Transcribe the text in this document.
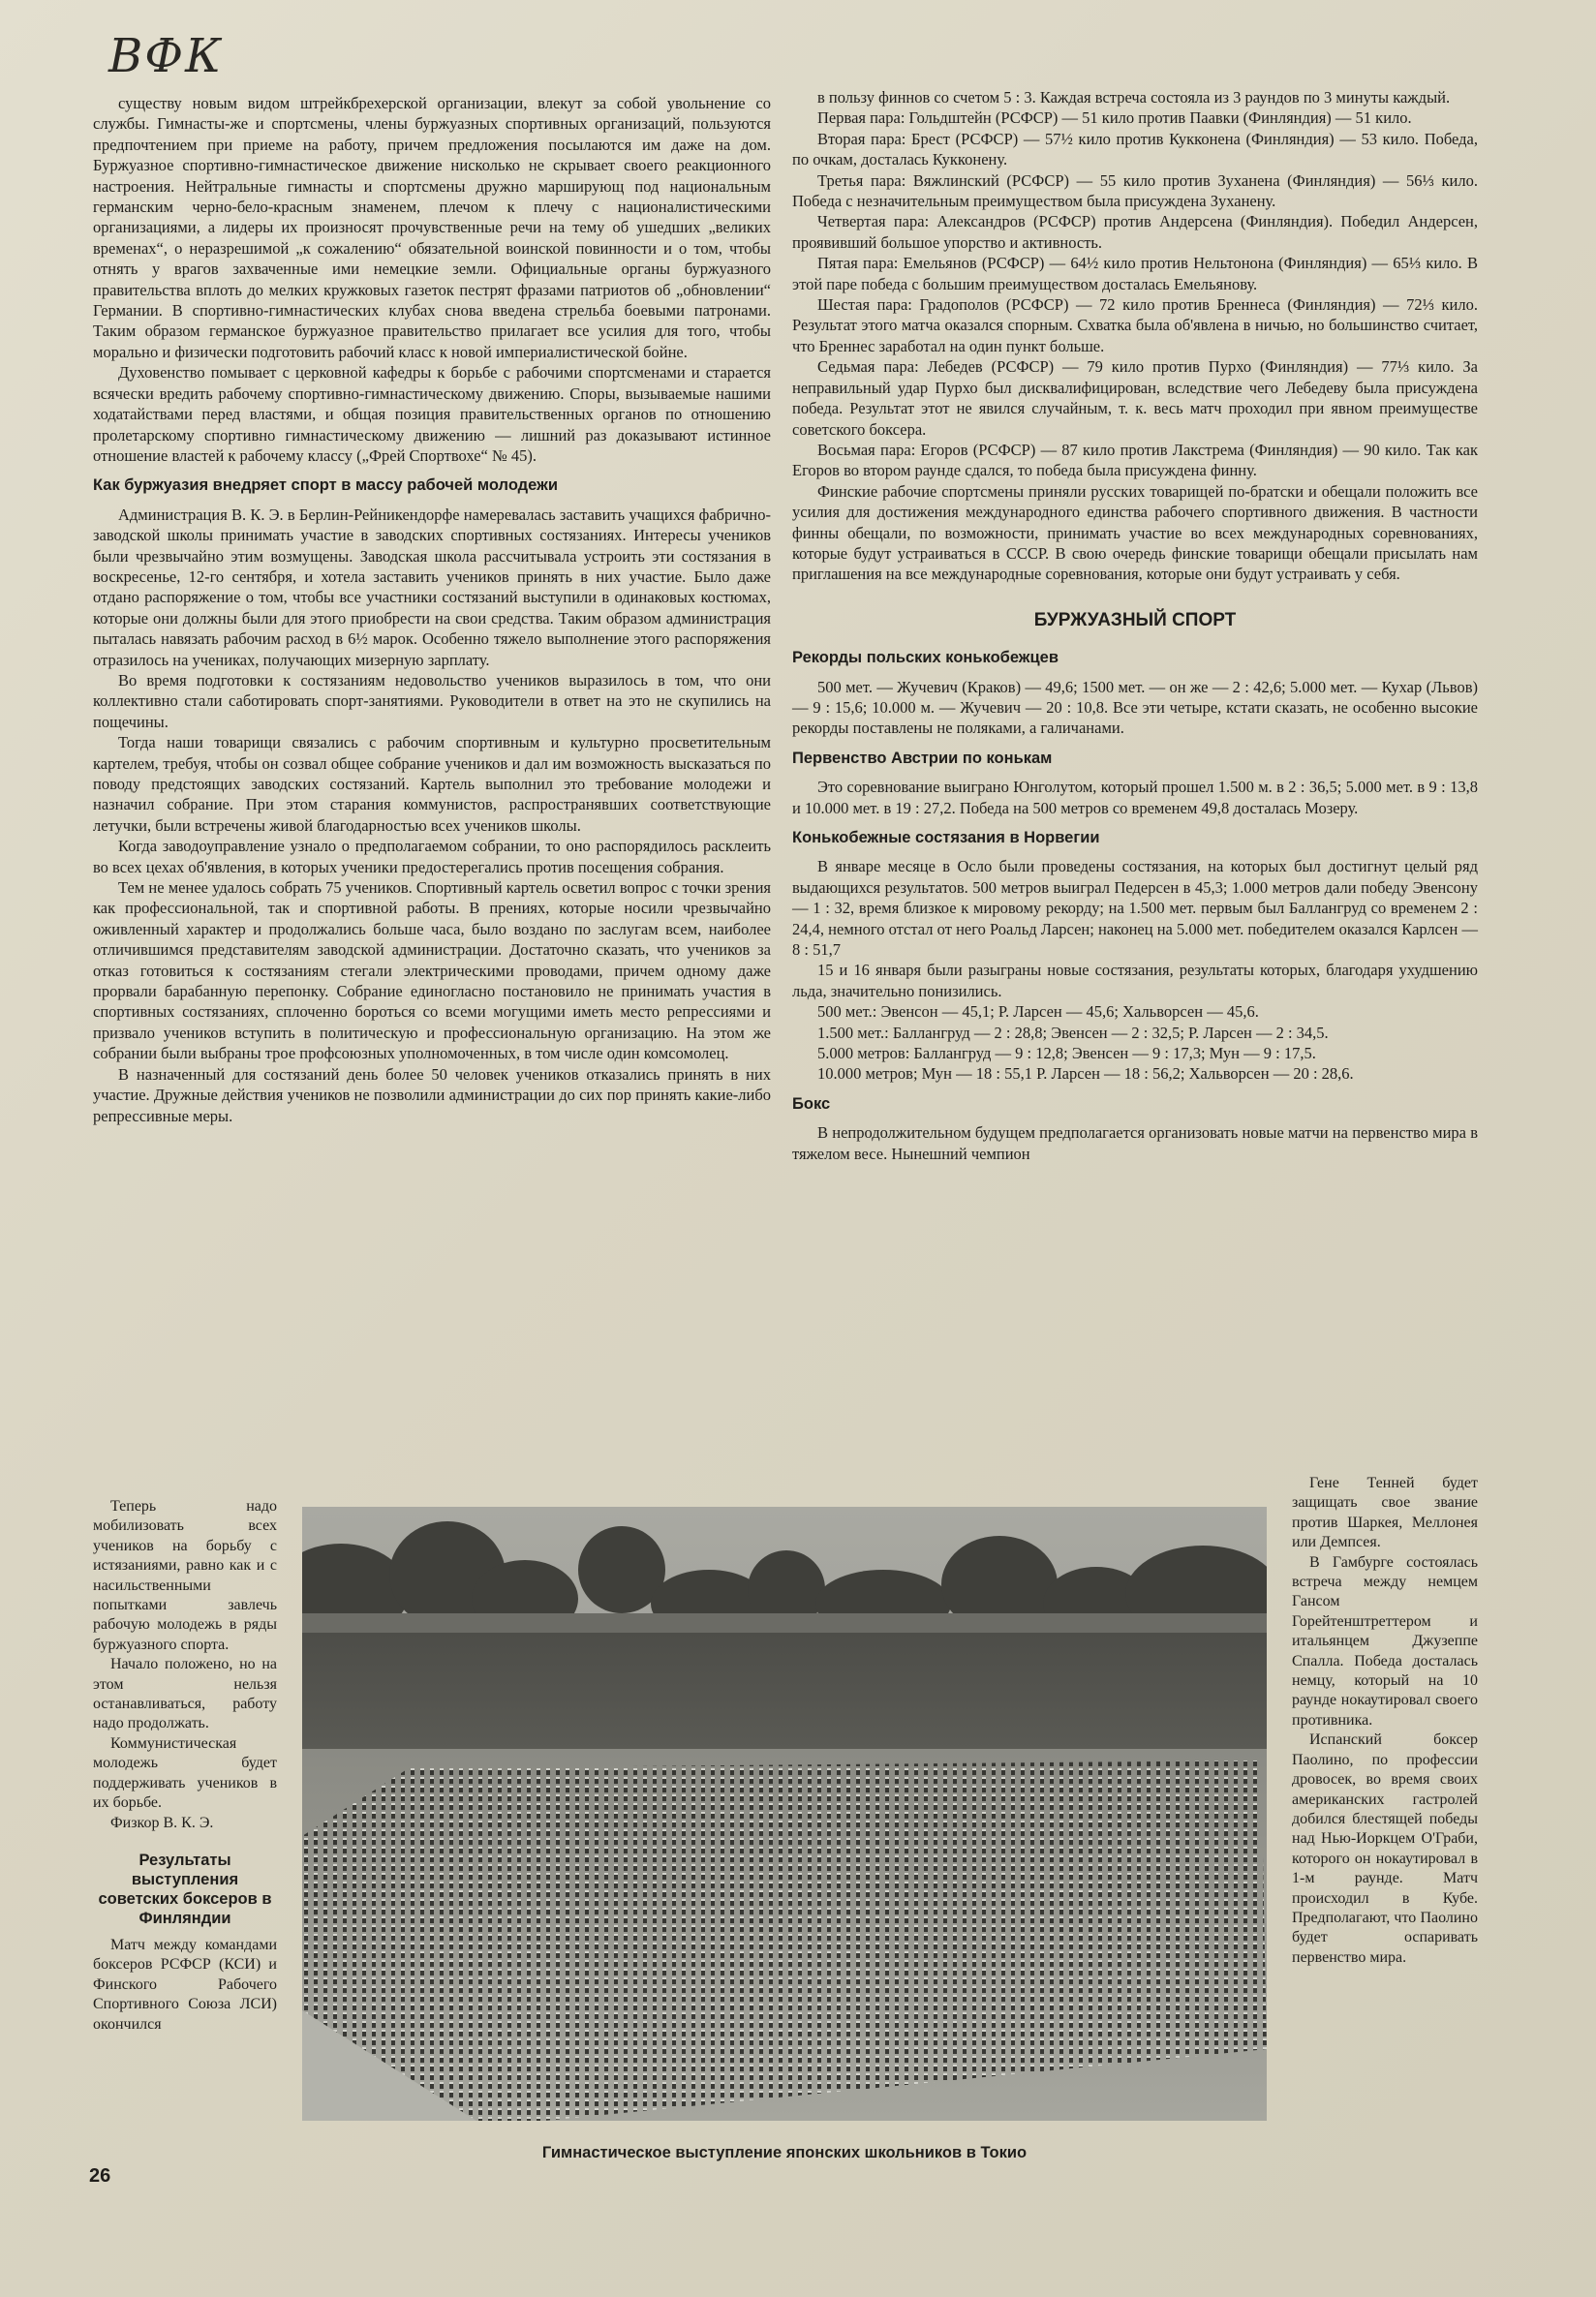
ВФК

существу новым видом штрейкбрехерской организации, влекут за собой увольнение со службы. Гимнасты-же и спортсмены, члены буржуазных спортивных организаций, пользуются предпочтением при приеме на работу, причем предложения посылаются им даже на дом. Буржуазное спортивно-гимнастическое движение нисколько не скрывает своего реакционного настроения. Нейтральные гимнасты и спортсмены дружно марширующ под национальным германским черно-бело-красным знаменем, плечом к плечу с националистическими организациями, а лидеры их произносят прочувственные речи на тему об ушедших „великих временах“, о неразрешимой „к сожалению“ обязательной воинской повинности и о том, чтобы отнять у врагов захваченные ими немецкие земли. Официальные органы буржуазного правительства вплоть до мелких кружковых газеток пестрят фразами патриотов об „обновлении“ Германии. В спортивно-гимнастических клубах снова введена стрельба боевыми патронами. Таким образом германское буржуазное правительство прилагает все усилия для того, чтобы морально и физически подготовить рабочий класс к новой империалистической бойне.

Духовенство помывает с церковной кафедры к борьбе с рабочими спортсменами и старается всячески вредить рабочему спортивно-гимнастическому движению. Споры, вызываемые нашими ходатайствами перед властями, и общая позиция правительственных органов по отношению пролетарскому спортивно гимнастическому движению — лишний раз доказывают истинное отношение властей к рабочему классу („Фрей Спортвохе“ № 45).

Как буржуазия внедряет спорт в массу рабочей молодежи

Администрация В. К. Э. в Берлин-Рейникендорфе намеревалась заставить учащихся фабрично-заводской школы принимать участие в заводских спортивных состязаниях. Интересы учеников были чрезвычайно этим возмущены. Заводская школа рассчитывала устроить эти состязания в воскресенье, 12-го сентября, и хотела заставить учеников принять в них участие. Было даже отдано распоряжение о том, чтобы все участники состязаний выступили в одинаковых костюмах, которые они должны были для этого приобрести на свои средства. Таким образом администрация пыталась навязать рабочим расход в 6½ марок. Особенно тяжело выполнение этого распоряжения отразилось на учениках, получающих мизерную зарплату.

Во время подготовки к состязаниям недовольство учеников выразилось в том, что они коллективно стали саботировать спорт-занятиями. Руководители в ответ на это не скупились на пощечины.

Тогда наши товарищи связались с рабочим спортивным и культурно просветительным картелем, требуя, чтобы он созвал общее собрание учеников и дал им возможность высказаться по поводу предстоящих заводских состязаний. Картель выполнил это требование молодежи и назначил собрание. При этом старания коммунистов, распространявших соответствующие летучки, были встречены живой благодарностью всех учеников школы.

Когда заводоуправление узнало о предполагаемом собрании, то оно распорядилось расклеить во всех цехах об'явления, в которых ученики предостерегались против посещения собрания.

Тем не менее удалось собрать 75 учеников. Спортивный картель осветил вопрос с точки зрения как профессиональной, так и спортивной работы. В прениях, которые носили чрезвычайно оживленный характер и продолжались больше часа, было воздано по заслугам всем, наиболее отличившимся представителям заводской администрации. Достаточно сказать, что учеников за отказ готовиться к состязаниям стегали электрическими проводами, причем одному даже прорвали барабанную перепонку. Собрание единогласно постановило не принимать участия в спортивных состязаниях, сплоченно бороться со всеми могущими иметь место репрессиями и призвало учеников вступить в политическую и профессиональную организацию. На этом же собрании были выбраны трое профсоюзных уполномоченных, в том числе один комсомолец.

В назначенный для состязаний день более 50 человек учеников отказались принять в них участие. Дружные действия учеников не позволили администрации до сих пор принять какие-либо репрессивные меры.

в пользу финнов со счетом 5 : 3. Каждая встреча состояла из 3 раундов по 3 минуты каждый.

Первая пара: Гольдштейн (РСФСР) — 51 кило против Паавки (Финляндия) — 51 кило.

Вторая пара: Брест (РСФСР) — 57½ кило против Кукконена (Финляндия) — 53 кило. Победа, по очкам, досталась Кукконену.

Третья пара: Вяжлинский (РСФСР) — 55 кило против Зуханена (Финляндия) — 56⅓ кило. Победа с незначительным преимуществом была присуждена Зуханену.

Четвертая пара: Александров (РСФСР) против Андерсена (Финляндия). Победил Андерсен, проявивший большое упорство и активность.

Пятая пара: Емельянов (РСФСР) — 64½ кило против Нельтонона (Финляндия) — 65⅓ кило. В этой паре победа с большим преимуществом досталась Емельянову.

Шестая пара: Градополов (РСФСР) — 72 кило против Бреннеса (Финляндия) — 72⅓ кило. Результат этого матча оказался спорным. Схватка была об'явлена в ничью, но большинство считает, что Бреннес заработал на один пункт больше.

Седьмая пара: Лебедев (РСФСР) — 79 кило против Пурхо (Финляндия) — 77⅓ кило. За неправильный удар Пурхо был дисквалифицирован, вследствие чего Лебедеву была присуждена победа. Результат этот не явился случайным, т. к. весь матч проходил при явном преимуществе советского боксера.

Восьмая пара: Егоров (РСФСР) — 87 кило против Лакстрема (Финляндия) — 90 кило. Так как Егоров во втором раунде сдался, то победа была присуждена финну.

Финские рабочие спортсмены приняли русских товарищей по-братски и обещали положить все усилия для достижения международного единства рабочего спортивного движения. В частности финны обещали, по возможности, принимать участие во всех международных соревнованиях, которые будут устраиваться в СССР. В свою очередь финские товарищи обещали присылать нам приглашения на все международные соревнования, которые они будут устраивать у себя.

БУРЖУАЗНЫЙ СПОРТ
Рекорды польских конькобежцев

500 мет. — Жучевич (Краков) — 49,6; 1500 мет. — он же — 2 : 42,6; 5.000 мет. — Кухар (Львов) — 9 : 15,6; 10.000 м. — Жучевич — 20 : 10,8. Все эти четыре, кстати сказать, не особенно высокие рекорды поставлены не поляками, а галичанами.

Первенство Австрии по конькам

Это соревнование выиграно Юнголутом, который прошел 1.500 м. в 2 : 36,5; 5.000 мет. в 9 : 13,8 и 10.000 мет. в 19 : 27,2. Победа на 500 метров со временем 49,8 досталась Мозеру.

Конькобежные состязания в Норвегии

В январе месяце в Осло были проведены состязания, на которых был достигнут целый ряд выдающихся результатов. 500 метров выиграл Педерсен в 45,3; 1.000 метров дали победу Эвенсону — 1 : 32, время близкое к мировому рекорду; на 1.500 мет. первым был Баллангруд со временем 2 : 24,4, немного отстал от него Роальд Ларсен; наконец на 5.000 мет. победителем оказался Карлсен — 8 : 51,7

15 и 16 января были разыграны новые состязания, результаты которых, благодаря ухудшению льда, значительно понизились.

500 мет.: Эвенсон — 45,1; Р. Ларсен — 45,6; Хальворсен — 45,6.

1.500 мет.: Баллангруд — 2 : 28,8; Эвенсен — 2 : 32,5; Р. Ларсен — 2 : 34,5.

5.000 метров: Баллангруд — 9 : 12,8; Эвенсен — 9 : 17,3; Мун — 9 : 17,5.

10.000 метров; Мун — 18 : 55,1 Р. Ларсен — 18 : 56,2; Хальворсен — 20 : 28,6.

Бокс

В непродолжительном будущем предполагается организовать новые матчи на первенство мира в тяжелом весе. Нынешний чемпион

Гимнастическое выступление японских школьников в Токио

Теперь надо мобилизовать всех учеников на борьбу с истязаниями, равно как и с насильственными попытками завлечь рабочую молодежь в ряды буржуазного спорта.

Начало положено, но на этом нельзя останавливаться, работу надо продолжать.

Коммунистическая молодежь будет поддерживать учеников в их борьбе.

Физкор В. К. Э.

Результаты выступления советских боксеров в Финляндии

Матч между командами боксеров РСФСР (КСИ) и Финского Рабочего Спортивного Союза ЛСИ) окончился

Гене Тенней будет защищать свое звание против Шаркея, Меллонея или Демпсея.

В Гамбурге состоялась встреча между немцем Гансом Горейтенштреттером и итальянцем Джузеппе Спалла. Победа досталась немцу, который на 10 раунде нокаутировал своего противника.

Испанский боксер Паолино, по профессии дровосек, во время своих американских гастролей добился блестящей победы над Нью-Иоркцем О'Граби, которого он нокаутировал в 1-м раунде. Матч происходил в Кубе. Предполагают, что Паолино будет оспаривать первенство мира.

26
